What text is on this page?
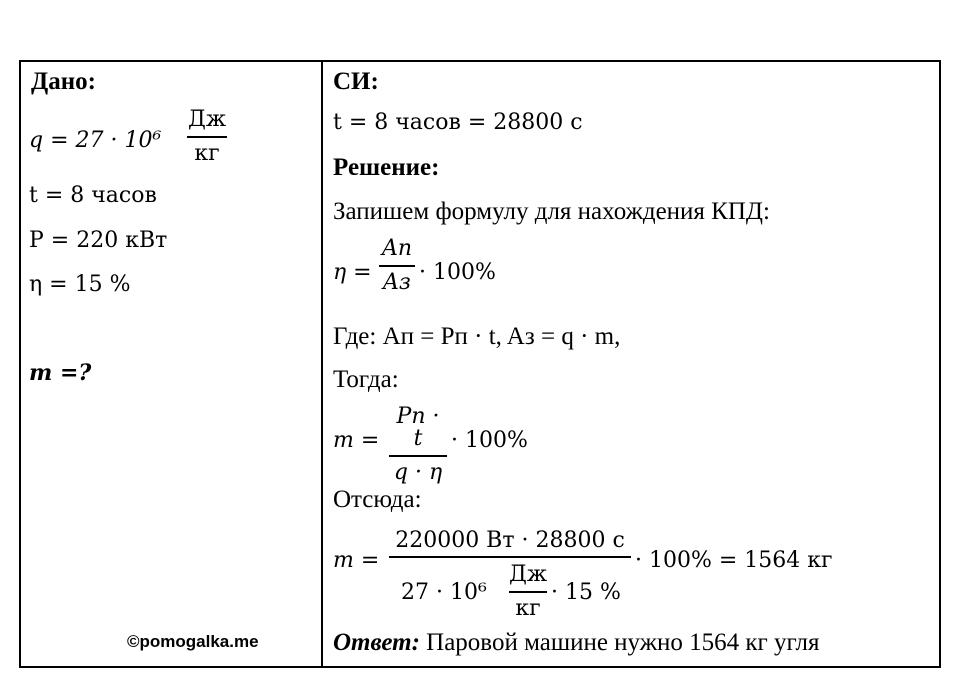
Дано:
q = 27 · 10⁶
Дж
кг
t = 8 часов
P = 220 кВт
η = 15 %
m =?
©pomogalka.me
СИ:
t = 8 часов = 28800 с
Решение:
Запишем формулу для нахождения КПД:
η =
Aп
Aз · 100%
Где: Aп = Pп · t, Aз = q · m,
Тогда:
m =
Pп · t
q · η
· 100%
Отсюда:
m =
220000 Вт · 28800 с
27 · 10⁶
Дж
кг
· 15 %
· 100% = 1564 кг
Ответ: Паровой машине нужно 1564 кг угля
